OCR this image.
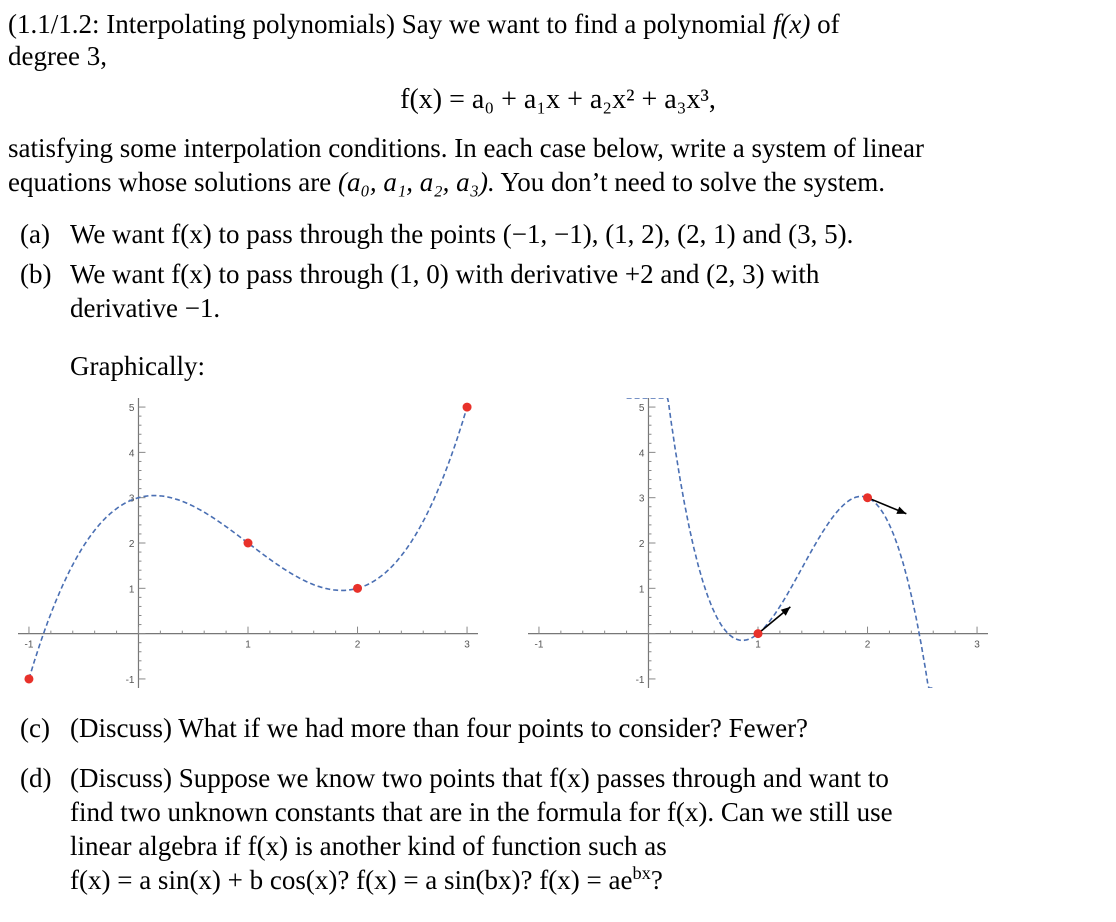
(1.1/1.2: Interpolating polynomials) Say we want to find a polynomial f(x) of
degree 3,
f(x) = a₀ + a₁x + a₂x² + a₃x³,
satisfying some interpolation conditions. In each case below, write a system of linear
equations whose solutions are (a₀, a₁, a₂, a₃). You don’t need to solve the system.
(a) We want f(x) to pass through the points (−1, −1), (1, 2), (2, 1) and (3, 5).
(b) We want f(x) to pass through (1, 0) with derivative +2 and (2, 3) with
derivative −1.
Graphically:
-1	1	2	3
-1
1
2
3
4
5
-1	1	2	3
-1
1
2
3
4
5
(c) (Discuss) What if we had more than four points to consider? Fewer?
(d) (Discuss) Suppose we know two points that f(x) passes through and want to
find two unknown constants that are in the formula for f(x). Can we still use
linear algebra if f(x) is another kind of function such as
f(x) = a sin(x) + b cos(x)? f(x) = a sin(bx)? $f(x) = ae^{bx}$?
